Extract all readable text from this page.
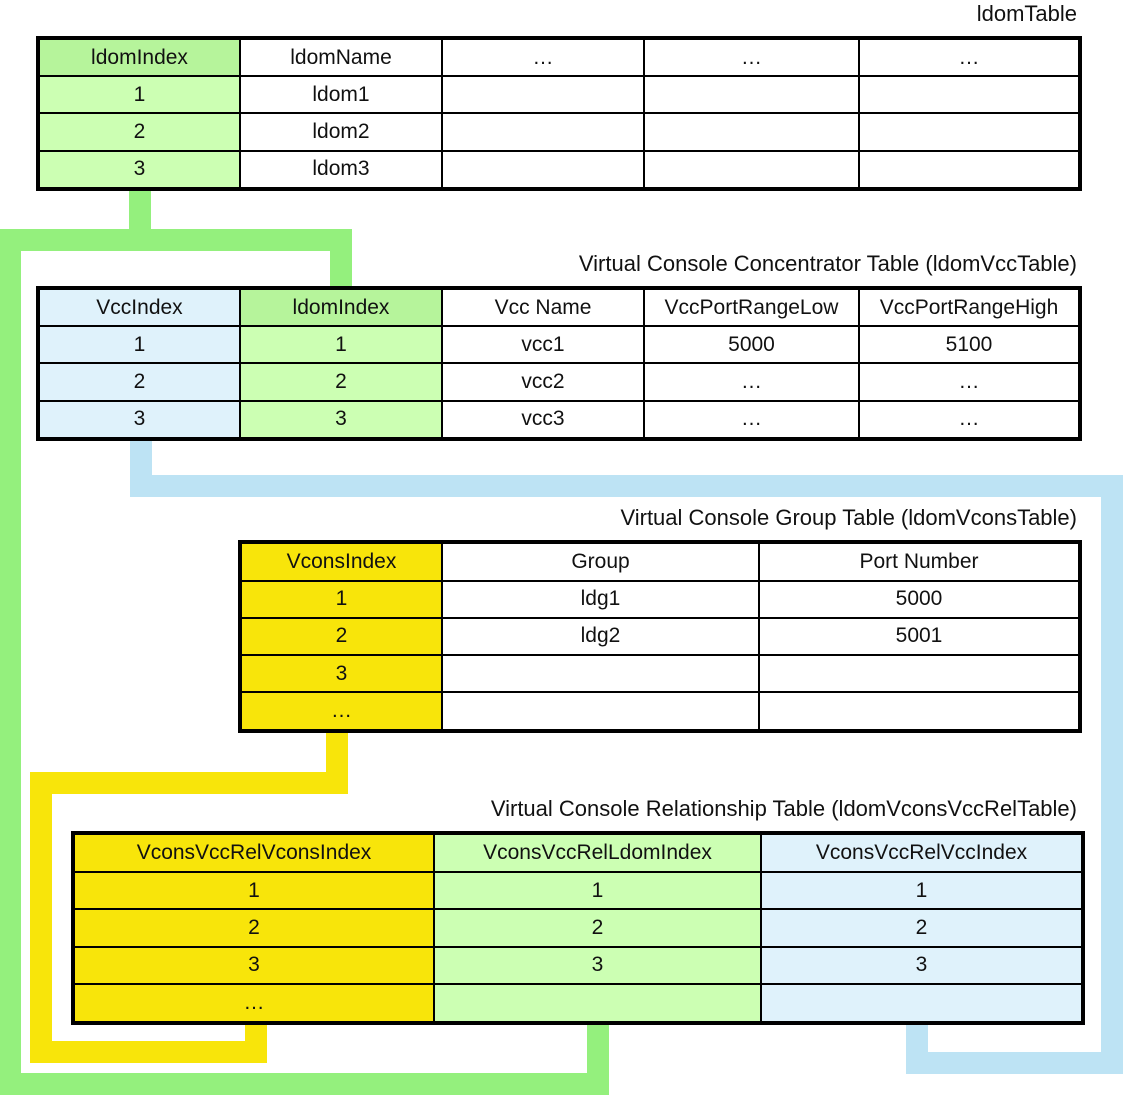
ldomTable
ldomIndex	ldomName	…	…	…
1	ldom1			
2	ldom2			
3	ldom3			
Virtual Console Concentrator Table (ldomVccTable)
VccIndex	ldomIndex	Vcc Name	VccPortRangeLow	VccPortRangeHigh
1	1	vcc1	5000	5100
2	2	vcc2	…	…
3	3	vcc3	…	…
Virtual Console Group Table (ldomVconsTable)
VconsIndex	Group	Port Number
1	ldg1	5000
2	ldg2	5001
3		
…		
Virtual Console Relationship Table (ldomVconsVccRelTable)
VconsVccRelVconsIndex	VconsVccRelLdomIndex	VconsVccRelVccIndex
1	1	1
2	2	2
3	3	3
…		
